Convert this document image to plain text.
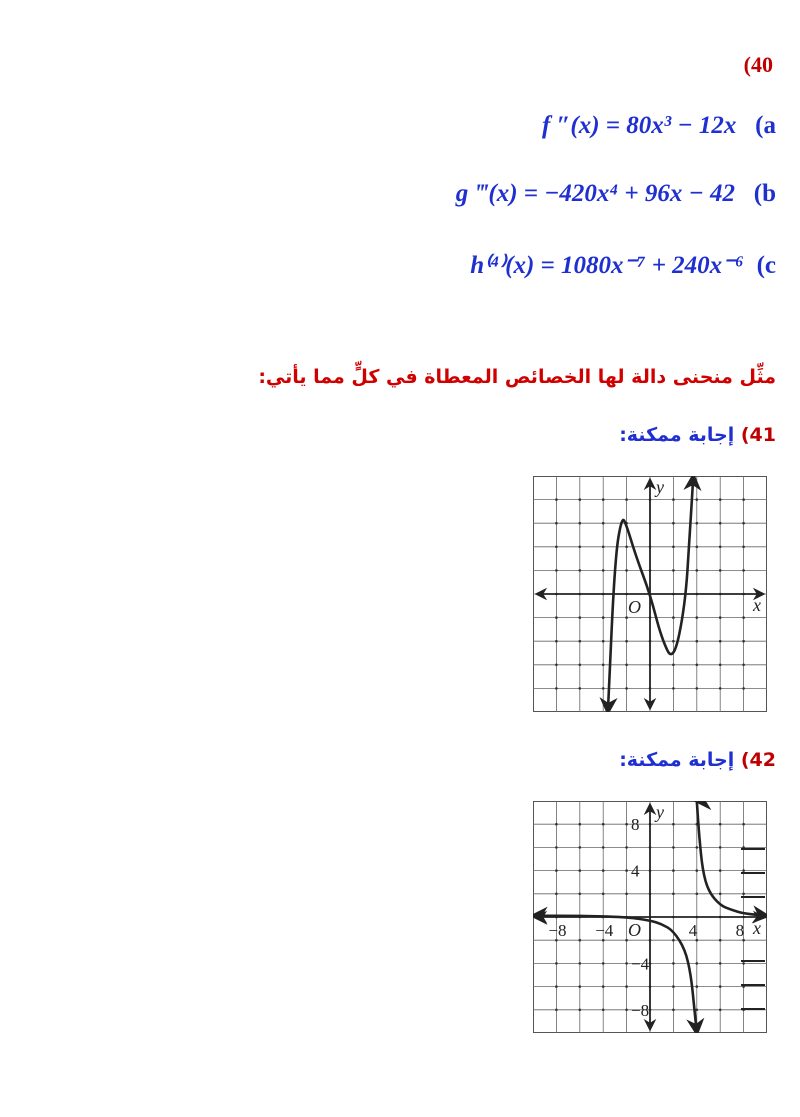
(40
f ″(x) = 80x³ − 12x (a
g ‴(x) = −420x⁴ + 96x − 42 (b
h⁽⁴⁾(x) = 1080x⁻⁷ + 240x⁻⁶ (c
مثِّل منحنى دالة لها الخصائص المعطاة في كلٍّ مما يأتي:
41) إجابة ممكنة:
x
y
O
42) إجابة ممكنة:
x
y
O
−8 −4	4 8
8
4
−4
−8
